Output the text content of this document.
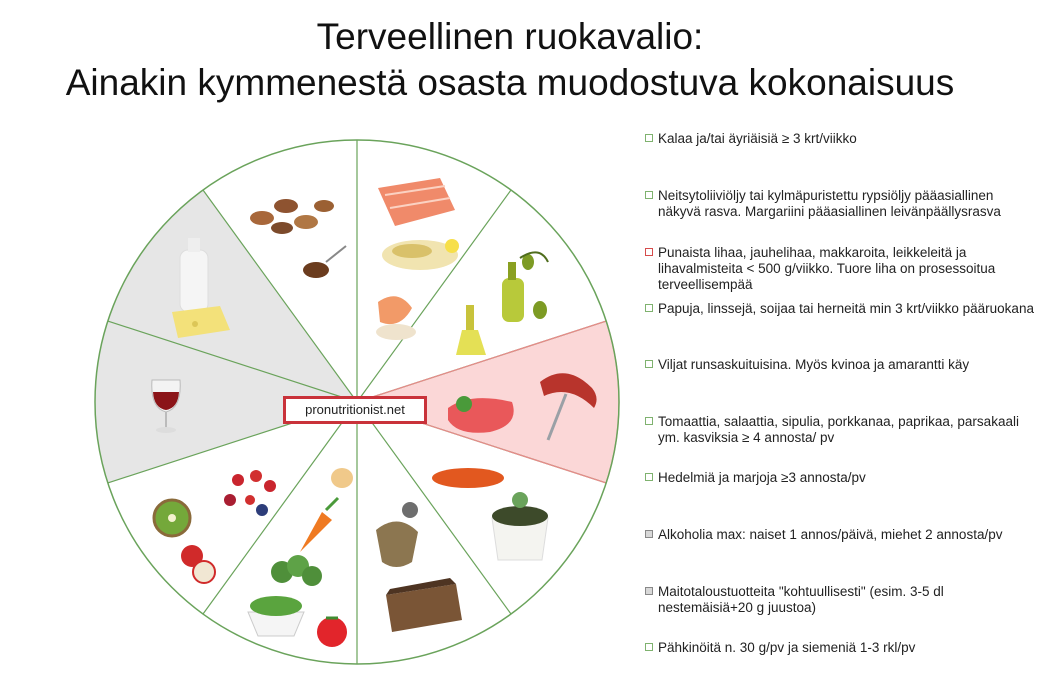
Terveellinen ruokavalio:
Ainakin kymmenestä osasta muodostuva kokonaisuus
pronutritionist.net
Kalaa ja/tai äyriäisiä ≥ 3 krt/viikko
Neitsytoliiviöljy tai kylmäpuristettu rypsiöljy pääasiallinen näkyvä rasva. Margariini pääasiallinen leivänpäällysrasva
Punaista lihaa, jauhelihaa, makkaroita, leikkeleitä ja lihavalmisteita < 500 g/viikko. Tuore liha on prosessoitua terveellisempää
Papuja, linssejä, soijaa tai herneitä min 3 krt/viikko pääruokana
Viljat runsaskuituisina. Myös kvinoa ja amarantti käy
Tomaattia, salaattia, sipulia, porkkanaa, paprikaa, parsakaali ym. kasviksia ≥ 4 annosta/ pv
Hedelmiä ja marjoja ≥3 annosta/pv
Alkoholia max: naiset 1 annos/päivä, miehet 2 annosta/pv
Maitotaloustuotteita "kohtuullisesti" (esim. 3-5 dl nestemäisiä+20 g juustoa)
Pähkinöitä n. 30 g/pv ja siemeniä 1-3 rkl/pv
